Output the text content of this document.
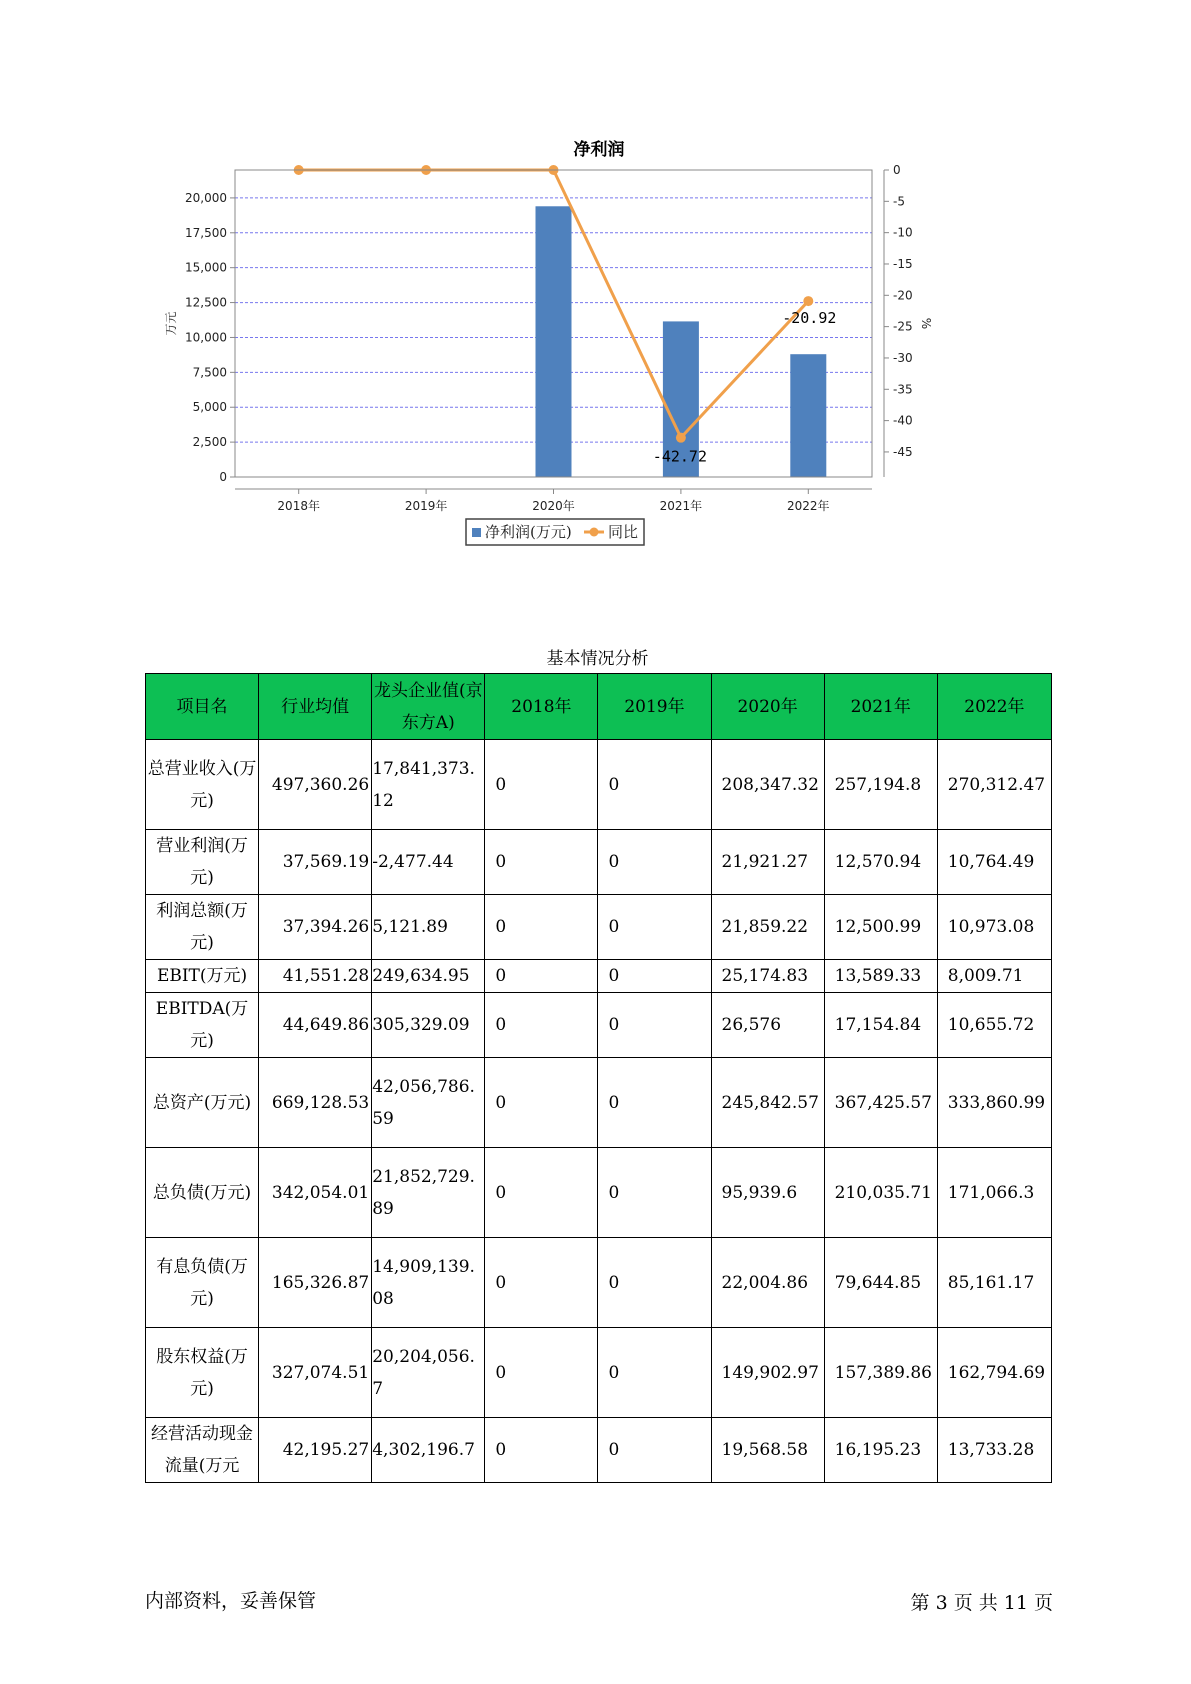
净利润
0
2,500
5,000
7,500
10,000
12,500
15,000
17,500
20,000
0
-5
-10
-15
-20
-25
-30
-35
-40
-45
2018年	2019年	2020年	2021年	2022年
万元	%
-42.72
-20.92
净利润(万元) 同比
基本情况分析
项目名	行业均值	龙头企业值(京东方A)	2018年	2019年	2020年	2021年	2022年
总营业收入(万元)	497,360.26	17,841,373.12	0	0	208,347.32	257,194.8	270,312.47
营业利润(万元)	37,569.19	-2,477.44	0	0	21,921.27	12,570.94	10,764.49
利润总额(万元)	37,394.26	5,121.89	0	0	21,859.22	12,500.99	10,973.08
EBIT(万元)	41,551.28	249,634.95	0	0	25,174.83	13,589.33	8,009.71
EBITDA(万元)	44,649.86	305,329.09	0	0	26,576	17,154.84	10,655.72
总资产(万元)	669,128.53	42,056,786.59	0	0	245,842.57	367,425.57	333,860.99
总负债(万元)	342,054.01	21,852,729.89	0	0	95,939.6	210,035.71	171,066.3
有息负债(万元)	165,326.87	14,909,139.08	0	0	22,004.86	79,644.85	85,161.17
股东权益(万元)	327,074.51	20,204,056.7	0	0	149,902.97	157,389.86	162,794.69
经营活动现金流量(万元	42,195.27	4,302,196.7	0	0	19,568.58	16,195.23	13,733.28
内部资料，妥善保管	第 3 页 共 11 页
